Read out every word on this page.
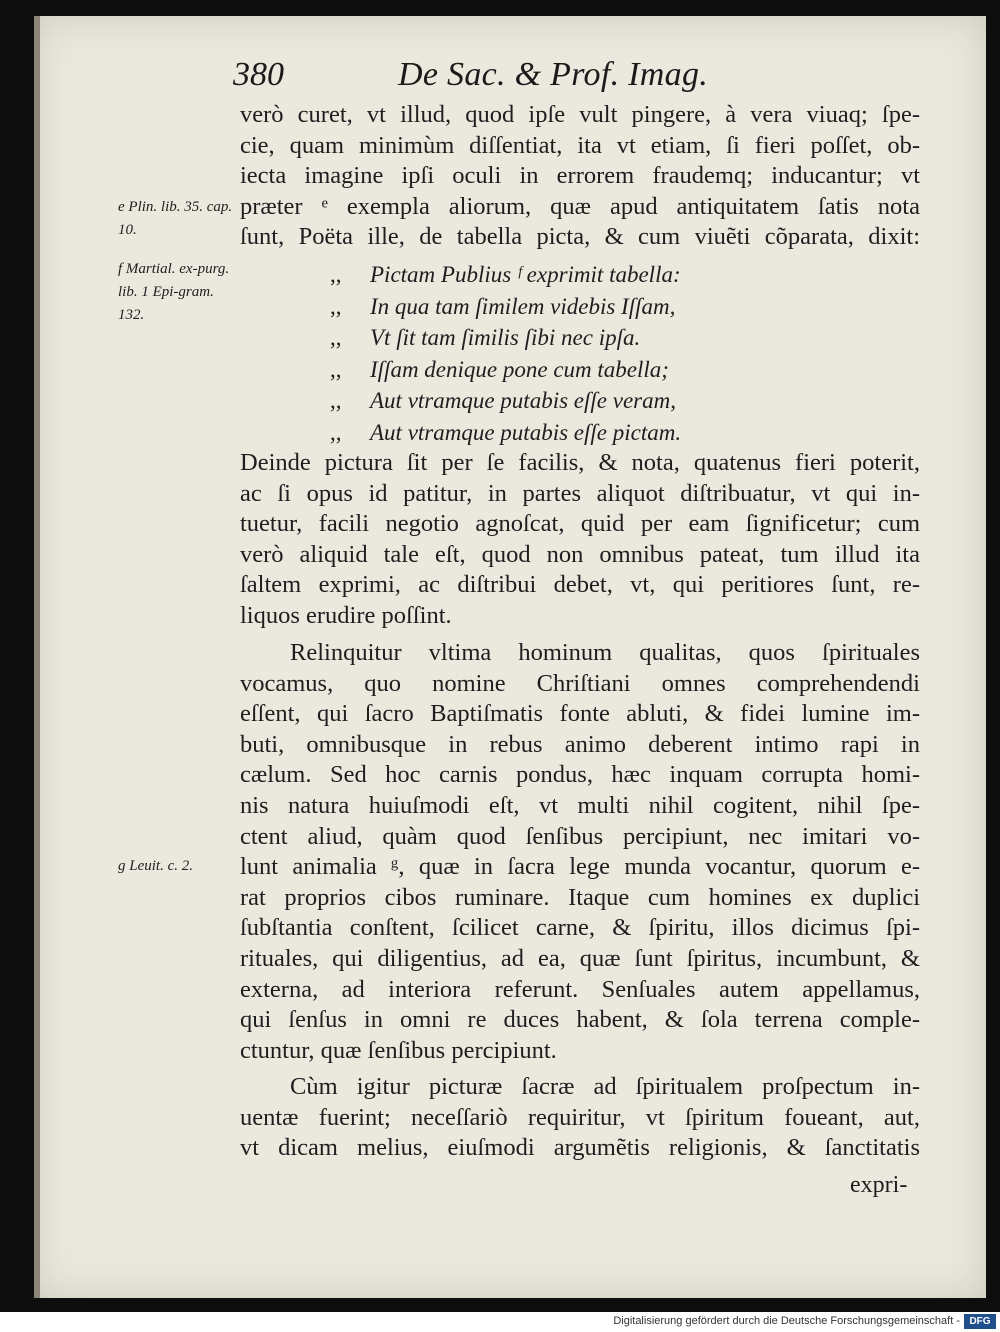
380	De Sac. & Prof. Imag.
e Plin. lib. 35. cap. 10.
f Martial. ex-purg. lib. 1 Epi-gram. 132.
g Leuit. c. 2.
verò curet, vt illud, quod ipſe vult pingere, à vera viuaq; ſpe-
cie, quam minimùm diſſentiat, ita vt etiam, ſi fieri poſſet, ob-
iecta imagine ipſi oculi in errorem fraudemq; inducantur; vt
præter ᵉ exempla aliorum, quæ apud antiquitatem ſatis nota
ſunt, Poëta ille, de tabella picta, & cum viuẽti cõparata, dixit:
,, Pictam Publius ᶠ exprimit tabella:
,, In qua tam ſimilem videbis Iſſam,
,, Vt ſit tam ſimilis ſibi nec ipſa.
,, Iſſam denique pone cum tabella;
,, Aut vtramque putabis eſſe veram,
,, Aut vtramque putabis eſſe pictam.
Deinde pictura ſit per ſe facilis, & nota, quatenus fieri poterit,
ac ſi opus id patitur, in partes aliquot diſtribuatur, vt qui in-
tuetur, facili negotio agnoſcat, quid per eam ſignificetur; cum
verò aliquid tale eſt, quod non omnibus pateat, tum illud ita
ſaltem exprimi, ac diſtribui debet, vt, qui peritiores ſunt, re-
liquos erudire poſſint.
Relinquitur vltima hominum qualitas, quos ſpirituales
vocamus, quo nomine Chriſtiani omnes comprehendendi
eſſent, qui ſacro Baptiſmatis fonte abluti, & fidei lumine im-
buti, omnibusque in rebus animo deberent intimo rapi in
cælum. Sed hoc carnis pondus, hæc inquam corrupta homi-
nis natura huiuſmodi eſt, vt multi nihil cogitent, nihil ſpe-
ctent aliud, quàm quod ſenſibus percipiunt, nec imitari vo-
lunt animalia ᵍ, quæ in ſacra lege munda vocantur, quorum e-
rat proprios cibos ruminare. Itaque cum homines ex duplici
ſubſtantia conſtent, ſcilicet carne, & ſpiritu, illos dicimus ſpi-
rituales, qui diligentius, ad ea, quæ ſunt ſpiritus, incumbunt, &
externa, ad interiora referunt. Senſuales autem appellamus,
qui ſenſus in omni re duces habent, & ſola terrena comple-
ctuntur, quæ ſenſibus percipiunt.
Cùm igitur picturæ ſacræ ad ſpiritualem proſpectum in-
uentæ fuerint; neceſſariò requiritur, vt ſpiritum foueant, aut,
vt dicam melius, eiuſmodi argumẽtis religionis, & ſanctitatis
expri-
Digitalisierung gefördert durch die Deutsche Forschungsgemeinschaft - DFG
